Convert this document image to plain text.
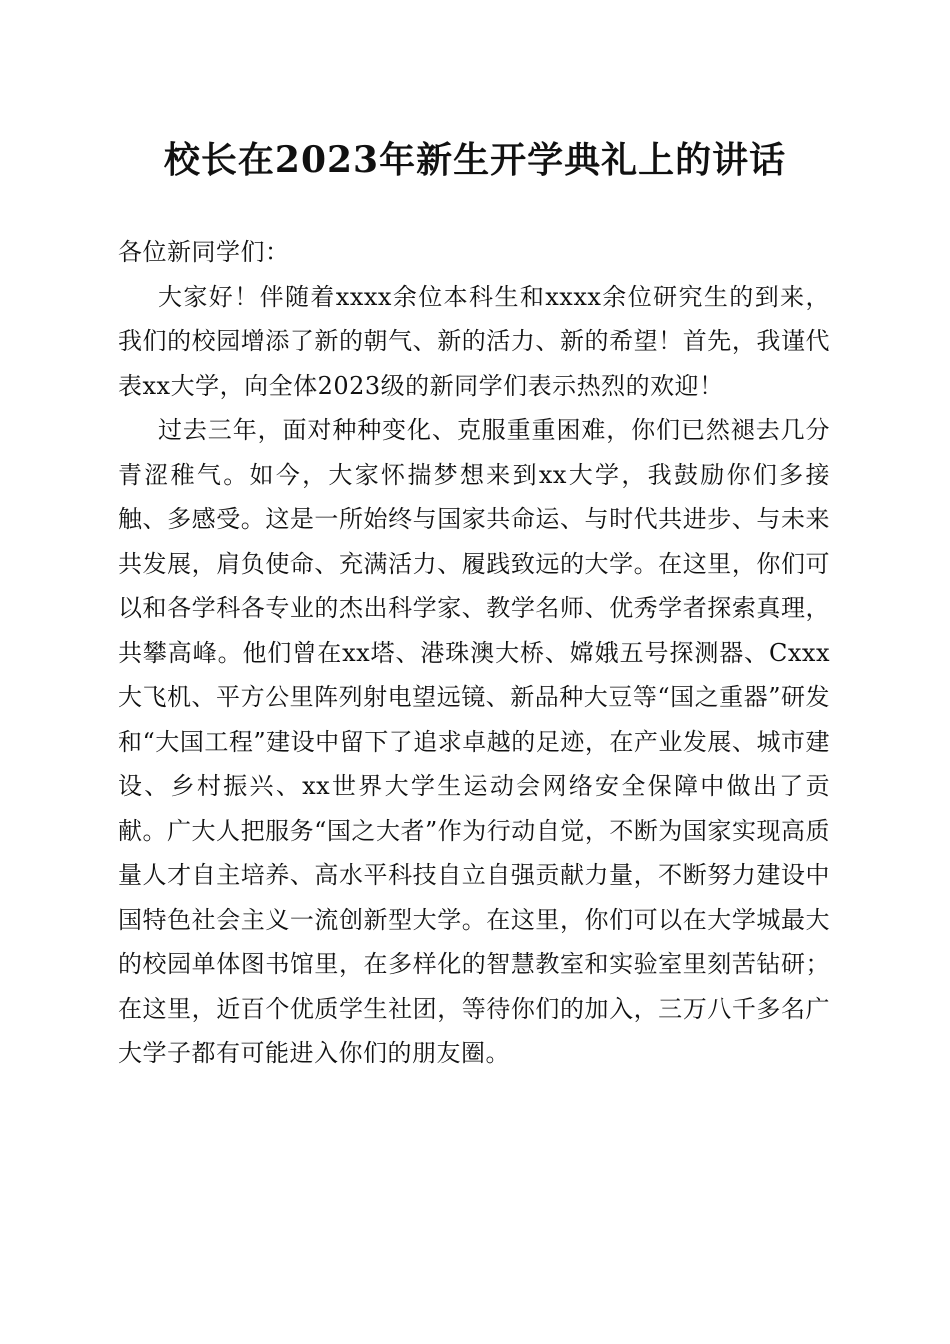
校长在2023年新生开学典礼上的讲话

各位新同学们：

大家好！伴随着xxxx余位本科生和xxxx余位研究生的到来，我们的校园增添了新的朝气、新的活力、新的希望！首先，我谨代表xx大学，向全体2023级的新同学们表示热烈的欢迎！

过去三年，面对种种变化、克服重重困难，你们已然褪去几分青涩稚气。如今，大家怀揣梦想来到xx大学，我鼓励你们多接触、多感受。这是一所始终与国家共命运、与时代共进步、与未来共发展，肩负使命、充满活力、履践致远的大学。在这里，你们可以和各学科各专业的杰出科学家、教学名师、优秀学者探索真理，共攀高峰。他们曾在xx塔、港珠澳大桥、嫦娥五号探测器、Cxxx大飞机、平方公里阵列射电望远镜、新品种大豆等“国之重器”研发和“大国工程”建设中留下了追求卓越的足迹，在产业发展、城市建设、乡村振兴、xx世界大学生运动会网络安全保障中做出了贡献。广大人把服务“国之大者”作为行动自觉，不断为国家实现高质量人才自主培养、高水平科技自立自强贡献力量，不断努力建设中国特色社会主义一流创新型大学。在这里，你们可以在大学城最大的校园单体图书馆里，在多样化的智慧教室和实验室里刻苦钻研；在这里，近百个优质学生社团，等待你们的加入，三万八千多名广大学子都有可能进入你们的朋友圈。
